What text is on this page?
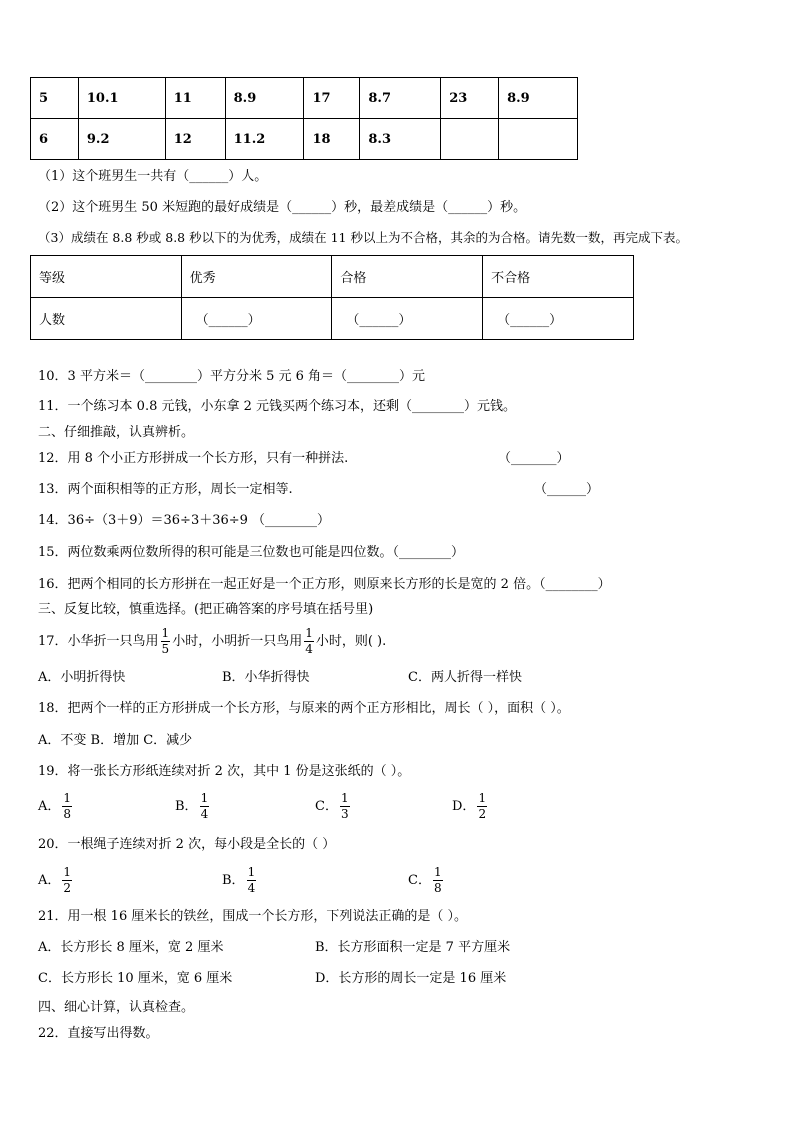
5	10.1	11	8.9	17	8.7	23	8.9
6	9.2	12	11.2	18	8.3		
（1）这个班男生一共有（______）人。
（2）这个班男生 50 米短跑的最好成绩是（______）秒，最差成绩是（______）秒。
（3）成绩在 8.8 秒或 8.8 秒以下的为优秀，成绩在 11 秒以上为不合格，其余的为合格。请先数一数，再完成下表。
等级	优秀	合格	不合格
人数	（______）	（______）	（______）
10．3 平方米＝（________）平方分米 5 元 6 角＝（________）元
11．一个练习本 0.8 元钱，小东拿 2 元钱买两个练习本，还剩（________）元钱。
二、仔细推敲，认真辨析。
12．用 8 个小正方形拼成一个长方形，只有一种拼法.	（_______）
13．两个面积相等的正方形，周长一定相等.	（______）
14．36÷（3＋9）＝36÷3＋36÷9 （________）
15．两位数乘两位数所得的积可能是三位数也可能是四位数。（________）
16．把两个相同的长方形拼在一起正好是一个正方形，则原来长方形的长是宽的 2 倍。（________）
三、反复比较，慎重选择。(把正确答案的序号填在括号里)
17．小华折一只鸟用 $\frac{1}{5}$ 小时，小明折一只鸟用 $\frac{1}{4}$ 小时，则( ).
A．小明折得快	B．小华折得快	C．两人折得一样快
18．把两个一样的正方形拼成一个长方形，与原来的两个正方形相比，周长（ ），面积（ ）。
A．不变 B．增加 C．减少
19．将一张长方形纸连续对折 2 次，其中 1 份是这张纸的（ ）。
A． $\frac{1}{8}$	B． $\frac{1}{4}$	C． $\frac{1}{3}$	D． $\frac{1}{2}$
20．一根绳子连续对折 2 次，每小段是全长的（ ）
A． $\frac{1}{2}$	B． $\frac{1}{4}$	C． $\frac{1}{8}$
21．用一根 16 厘米长的铁丝，围成一个长方形，下列说法正确的是（ ）。
A．长方形长 8 厘米，宽 2 厘米	B．长方形面积一定是 7 平方厘米
C．长方形长 10 厘米，宽 6 厘米	D．长方形的周长一定是 16 厘米
四、细心计算，认真检查。
22．直接写出得数。
